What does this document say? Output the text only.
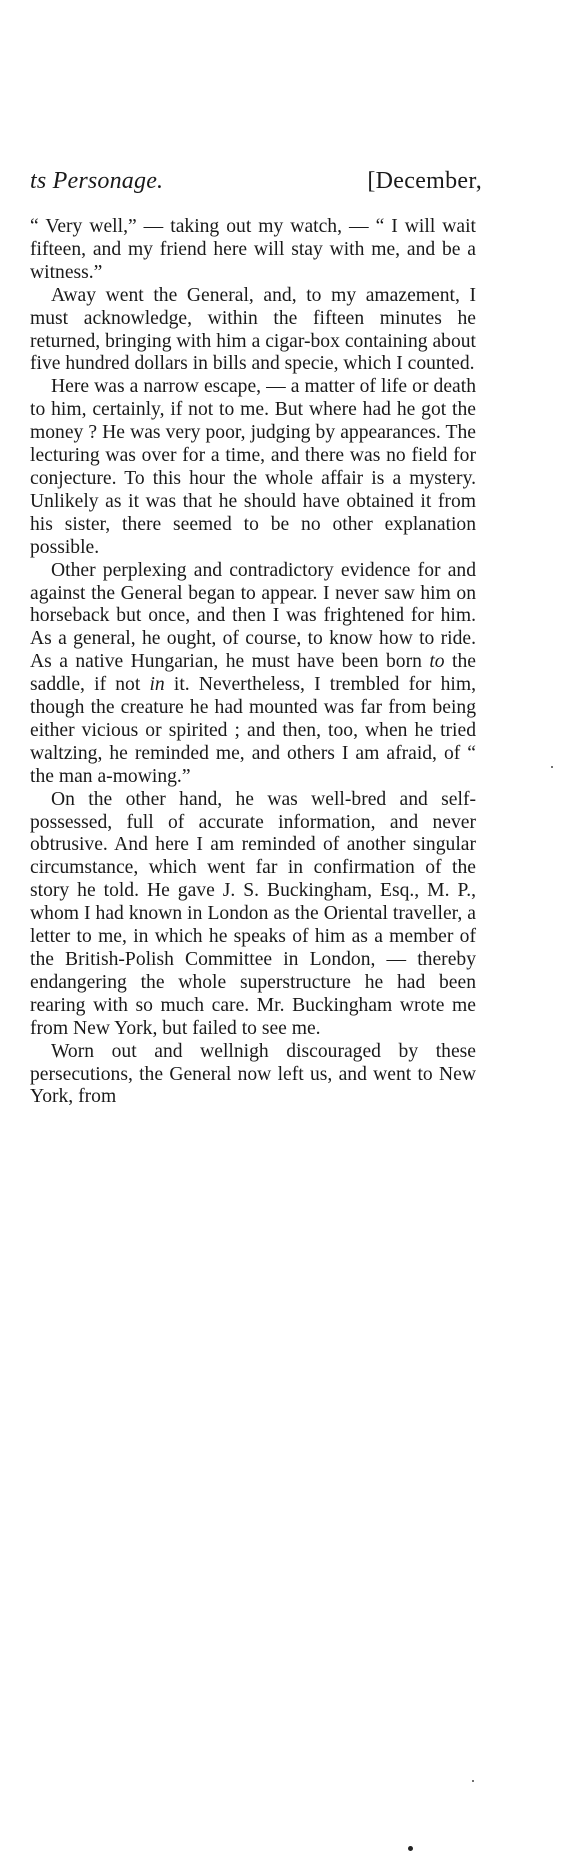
ts Personage.	[December,

“ Very well,” — taking out my watch, — “ I will wait fifteen, and my friend here will stay with me, and be a witness.”

Away went the General, and, to my amazement, I must acknowledge, within the fifteen minutes he returned, bringing with him a cigar-box containing about five hundred dollars in bills and specie, which I counted.

Here was a narrow escape, — a matter of life or death to him, certainly, if not to me. But where had he got the money ? He was very poor, judging by appearances. The lecturing was over for a time, and there was no field for conjecture. To this hour the whole affair is a mystery. Unlikely as it was that he should have obtained it from his sister, there seemed to be no other explanation possible.

Other perplexing and contradictory evidence for and against the General began to appear. I never saw him on horseback but once, and then I was frightened for him. As a general, he ought, of course, to know how to ride. As a native Hungarian, he must have been born to the saddle, if not in it. Nevertheless, I trembled for him, though the creature he had mounted was far from being either vicious or spirited ; and then, too, when he tried waltzing, he reminded me, and others I am afraid, of “ the man a-mowing.”

On the other hand, he was well-bred and self-possessed, full of accurate information, and never obtrusive. And here I am reminded of another singular circumstance, which went far in confirmation of the story he told. He gave J. S. Buckingham, Esq., M. P., whom I had known in London as the Oriental traveller, a letter to me, in which he speaks of him as a member of the British-Polish Committee in London, — thereby endangering the whole superstructure he had been rearing with so much care. Mr. Buckingham wrote me from New York, but failed to see me.

Worn out and wellnigh discouraged by these persecutions, the General now left us, and went to New York, from
